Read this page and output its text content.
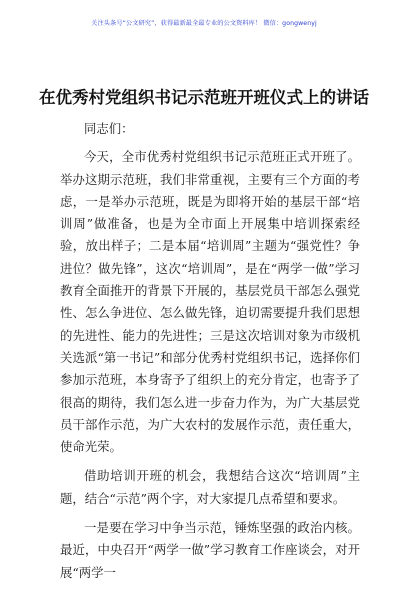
关注头条号“公文研究”，获得最新最全最专业的公文资料库！ 微信：gongwenyj
在优秀村党组织书记示范班开班仪式上的讲话

同志们：

今天，全市优秀村党组织书记示范班正式开班了。举办这期示范班，我们非常重视，主要有三个方面的考虑，一是举办示范班，既是为即将开始的基层干部“培训周”做准备，也是为全市面上开展集中培训探索经验，放出样子；二是本届“培训周”主题为“强党性？争进位？做先锋”，这次“培训周”，是在“两学一做”学习教育全面推开的背景下开展的，基层党员干部怎么强党性、怎么争进位、怎么做先锋，迫切需要提升我们思想的先进性、能力的先进性；三是这次培训对象为市级机关选派“第一书记”和部分优秀村党组织书记，选择你们参加示范班，本身寄予了组织上的充分肯定，也寄予了很高的期待，我们怎么进一步奋力作为，为广大基层党员干部作示范，为广大农村的发展作示范，责任重大，使命光荣。

借助培训开班的机会，我想结合这次“培训周”主题，结合“示范”两个字，对大家提几点希望和要求。

一是要在学习中争当示范，锤炼坚强的政治内核。最近，中央召开“两学一做”学习教育工作座谈会，对开展“两学一
